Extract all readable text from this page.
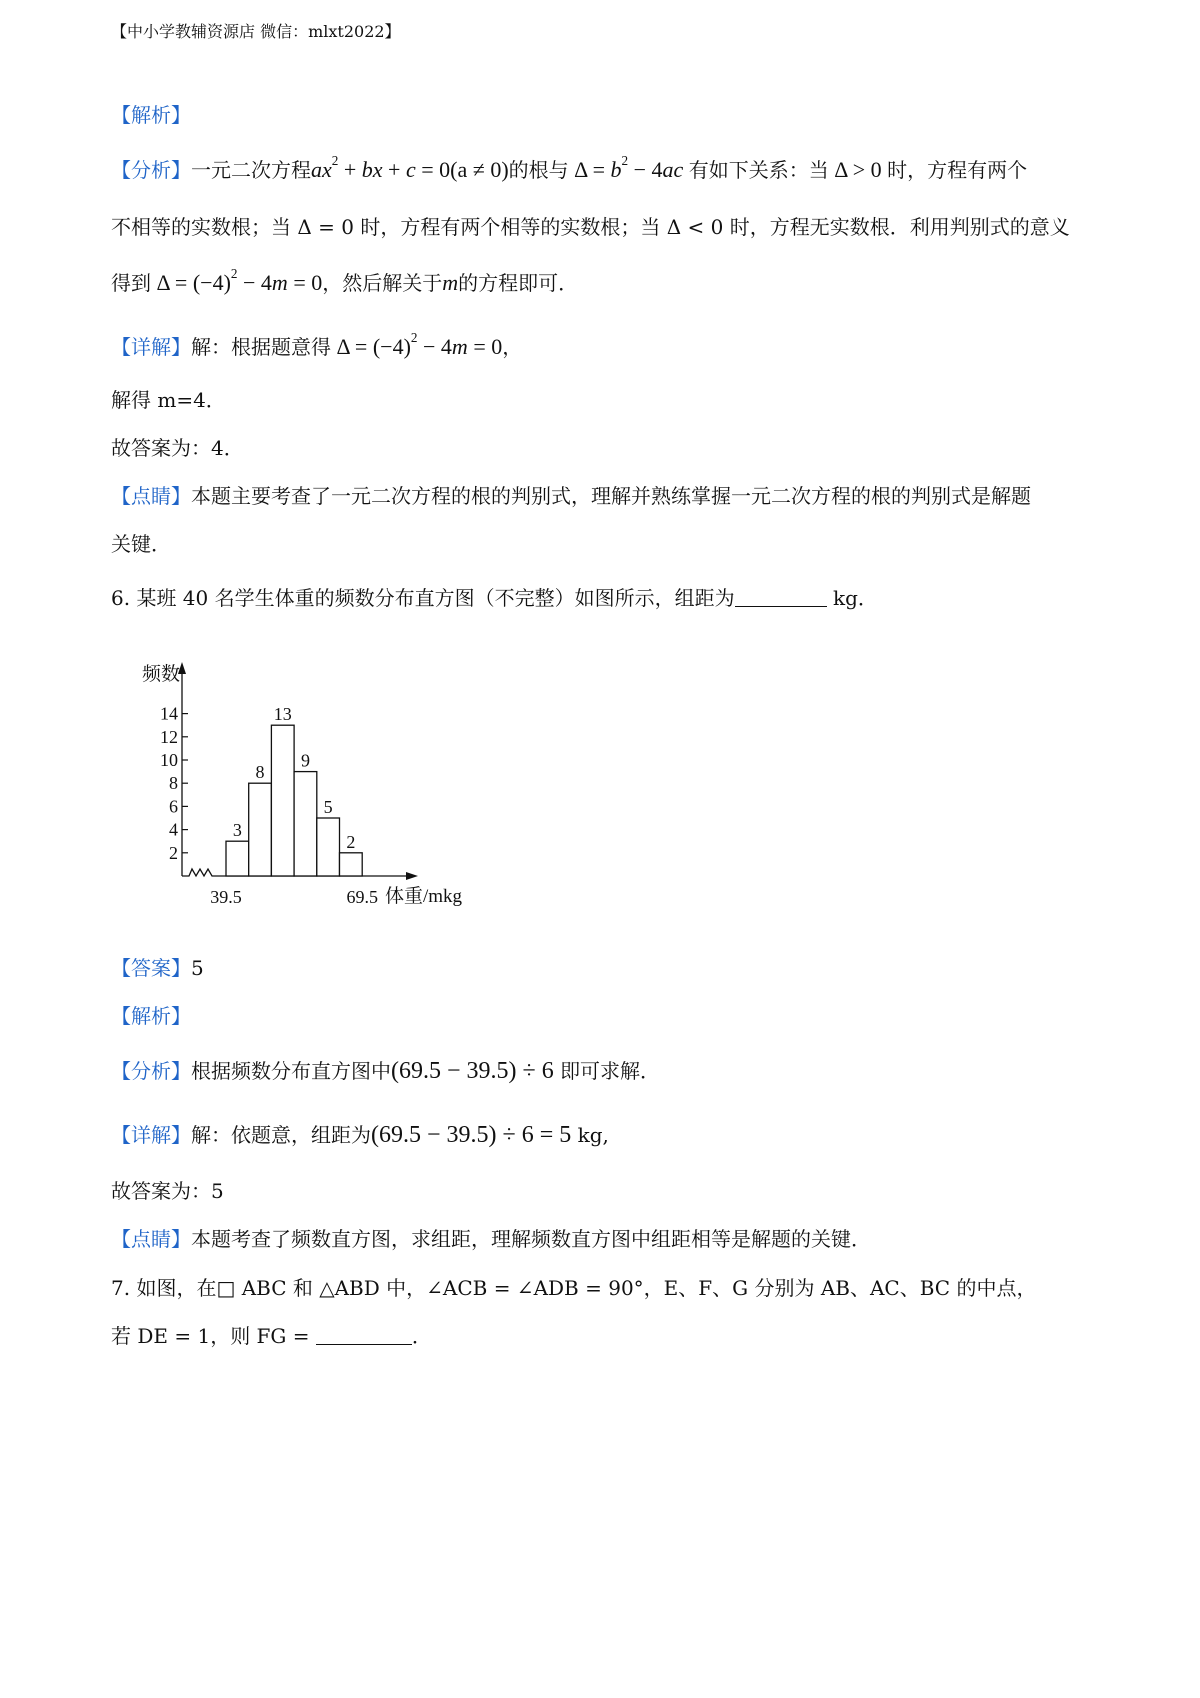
【中小学教辅资源店 微信：mlxt2022】
【解析】
【分析】一元二次方程$ax^2$ + bx + c = 0(a ≠ 0)的根与 $\Delta = b^2 - 4ac$ 有如下关系：当 Δ > 0 时，方程有两个
不相等的实数根；当 Δ = 0 时，方程有两个相等的实数根；当 Δ < 0 时，方程无实数根．利用判别式的意义
得到 $\Delta = (-4)^2 - 4m = 0$，然后解关于m的方程即可．
【详解】解：根据题意得 $\Delta = (-4)^2 - 4m = 0$，
解得 m=4．
故答案为：4．
【点睛】本题主要考查了一元二次方程的根的判别式，理解并熟练掌握一元二次方程的根的判别式是解题
关键．
6. 某班 40 名学生体重的频数分布直方图（不完整）如图所示，组距为	kg．
频数
2
4
6
8
10
12
14
体重/mkg
3
8
13
9
5
2
39.5	69.5
【答案】5
【解析】
【分析】根据频数分布直方图中(69.5 − 39.5) ÷ 6 即可求解．
【详解】解：依题意，组距为(69.5 − 39.5) ÷ 6 = 5 kg,
故答案为：5
【点睛】本题考查了频数直方图，求组距，理解频数直方图中组距相等是解题的关键．
7. 如图，在□ ABC 和 △ABD 中，∠ACB = ∠ADB = 90°，E、F、G 分别为 AB、AC、BC 的中点，
若 DE = 1，则 FG =	．
